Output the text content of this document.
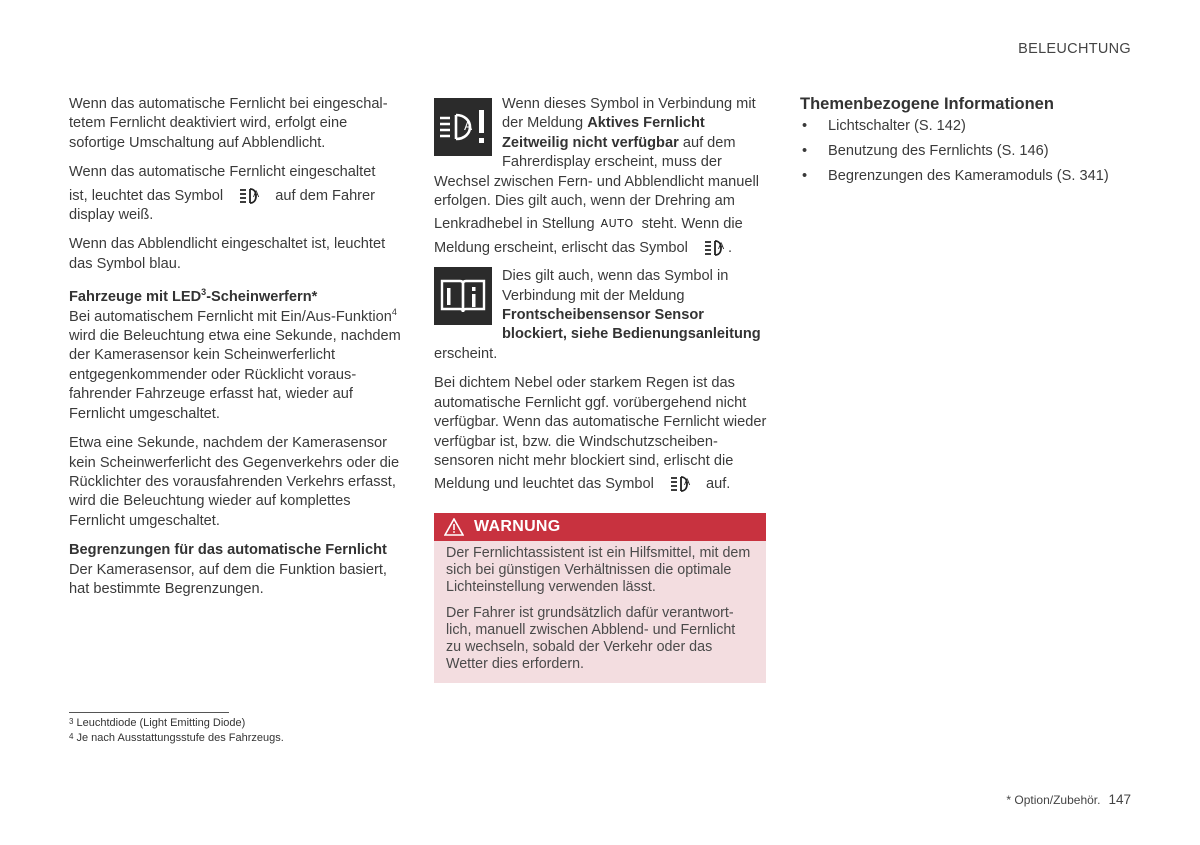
BELEUCHTUNG

Wenn das automatische Fernlicht bei eingeschaltetem Fernlicht deaktiviert wird, erfolgt eine sofortige Umschaltung auf Abblendlicht.

Wenn das automatische Fernlicht eingeschaltet
ist, leuchtet das Symbol	A auf dem Fahrer
display weiß.

Wenn das Abblendlicht eingeschaltet ist, leuchtet das Symbol blau.

Fahrzeuge mit LED$^3$-Scheinwerfern*

Bei automatischem Fernlicht mit Ein/Aus-Funktion$^4$ wird die Beleuchtung etwa eine Sekunde, nachdem der Kamerasensor kein Scheinwerferlicht entgegenkommender oder Rücklicht vorausfahrender Fahrzeuge erfasst hat, wieder auf Fernlicht umgeschaltet.

Etwa eine Sekunde, nachdem der Kamerasensor kein Scheinwerferlicht des Gegenverkehrs oder die Rücklichter des vorausfahrenden Verkehrs erfasst, wird die Beleuchtung wieder auf komplettes Fernlicht umgeschaltet.

Begrenzungen für das automatische Fernlicht

Der Kamerasensor, auf dem die Funktion basiert, hat bestimmte Begrenzungen.

A
Wenn dieses Symbol in Verbindung mit der Meldung Aktives Fernlicht Zeitweilig nicht verfügbar auf dem Fahrerdisplay erscheint, muss der Wechsel zwischen Fern- und Abblendlicht manuell erfolgen. Dies gilt auch, wenn der Drehring am
Lenkradhebel in Stellung AUTO steht. Wenn die
Meldung erscheint, erlischt das Symbol	A .
Dies gilt auch, wenn das Symbol in Verbindung mit der Meldung Frontscheibensensor Sensor blockiert, siehe Bedienungsanleitung erscheint.

Bei dichtem Nebel oder starkem Regen ist das automatische Fernlicht ggf. vorübergehend nicht verfügbar. Wenn das automatische Fernlicht wieder verfügbar ist, bzw. die Windschutzscheibensensoren nicht mehr blockiert sind, erlischt die
Meldung und leuchtet das Symbol	A auf.

WARNUNG

Der Fernlichtassistent ist ein Hilfsmittel, mit dem sich bei günstigen Verhältnissen die optimale Lichteinstellung verwenden lässt.

Der Fahrer ist grundsätzlich dafür verantwortlich, manuell zwischen Abblend- und Fernlicht zu wechseln, sobald der Verkehr oder das Wetter dies erfordern.

Themenbezogene Informationen
• Lichtschalter (S. 142)
• Benutzung des Fernlichts (S. 146)
• Begrenzungen des Kameramoduls (S. 341)
$^3$ Leuchtdiode (Light Emitting Diode)
$^4$ Je nach Ausstattungsstufe des Fahrzeugs.
* Option/Zubehör. 147
